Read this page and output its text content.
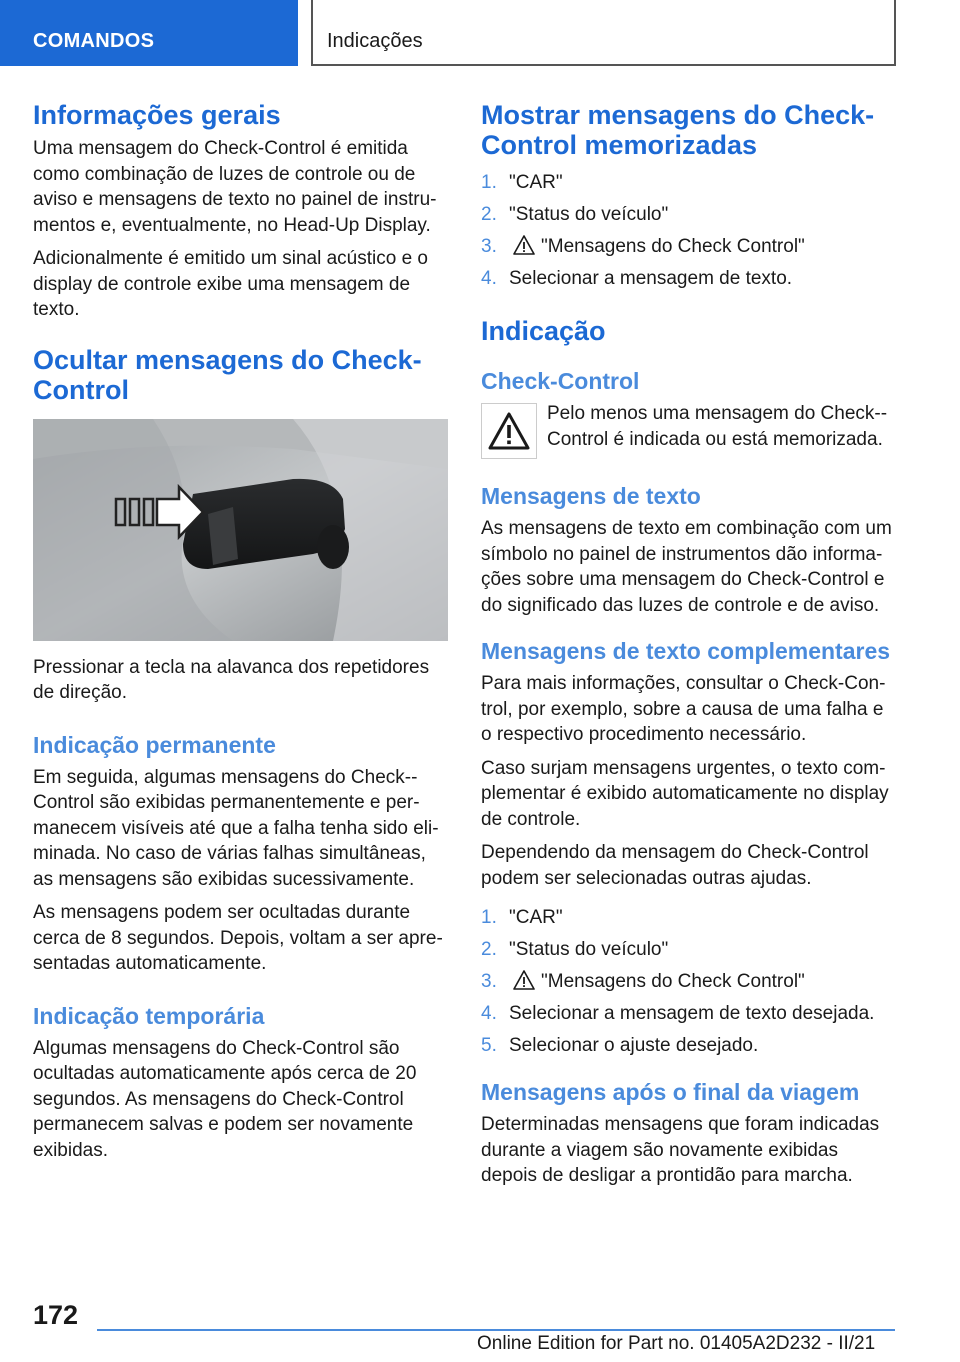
COMANDOS	Indicações
Informações gerais

Uma mensagem do Check-Control é emitida como combinação de luzes de controle ou de aviso e mensagens de texto no painel de instru-mentos e, eventualmente, no Head-Up Display.

Adicionalmente é emitido um sinal acústico e o display de controle exibe uma mensagem de texto.

Ocultar mensagens do Check-Control

Pressionar a tecla na alavanca dos repetidores de direção.

Indicação permanente

Em seguida, algumas mensagens do Check--Control são exibidas permanentemente e per-manecem visíveis até que a falha tenha sido eli-minada. No caso de várias falhas simultâneas, as mensagens são exibidas sucessivamente.

As mensagens podem ser ocultadas durante cerca de 8 segundos. Depois, voltam a ser apre-sentadas automaticamente.

Indicação temporária

Algumas mensagens do Check-Control são ocultadas automaticamente após cerca de 20 segundos. As mensagens do Check-Control permanecem salvas e podem ser novamente exibidas.

Mostrar mensagens do Check-Control memorizadas
1. "CAR"
2. "Status do veículo"
3. "Mensagens do Check Control"
4. Selecionar a mensagem de texto.
Indicação
Check-Control

Pelo menos uma mensagem do Check--Control é indicada ou está memorizada.

Mensagens de texto

As mensagens de texto em combinação com um símbolo no painel de instrumentos dão informa-ções sobre uma mensagem do Check-Control e do significado das luzes de controle e de aviso.

Mensagens de texto complementares

Para mais informações, consultar o Check-Con-trol, por exemplo, sobre a causa de uma falha e o respectivo procedimento necessário.

Caso surjam mensagens urgentes, o texto com-plementar é exibido automaticamente no display de controle.

Dependendo da mensagem do Check-Control podem ser selecionadas outras ajudas.

1. "CAR"
2. "Status do veículo"
3. "Mensagens do Check Control"
4. Selecionar a mensagem de texto desejada.
5. Selecionar o ajuste desejado.
Mensagens após o final da viagem

Determinadas mensagens que foram indicadas durante a viagem são novamente exibidas depois de desligar a prontidão para marcha.

172
Online Edition for Part no. 01405A2D232 - II/21
